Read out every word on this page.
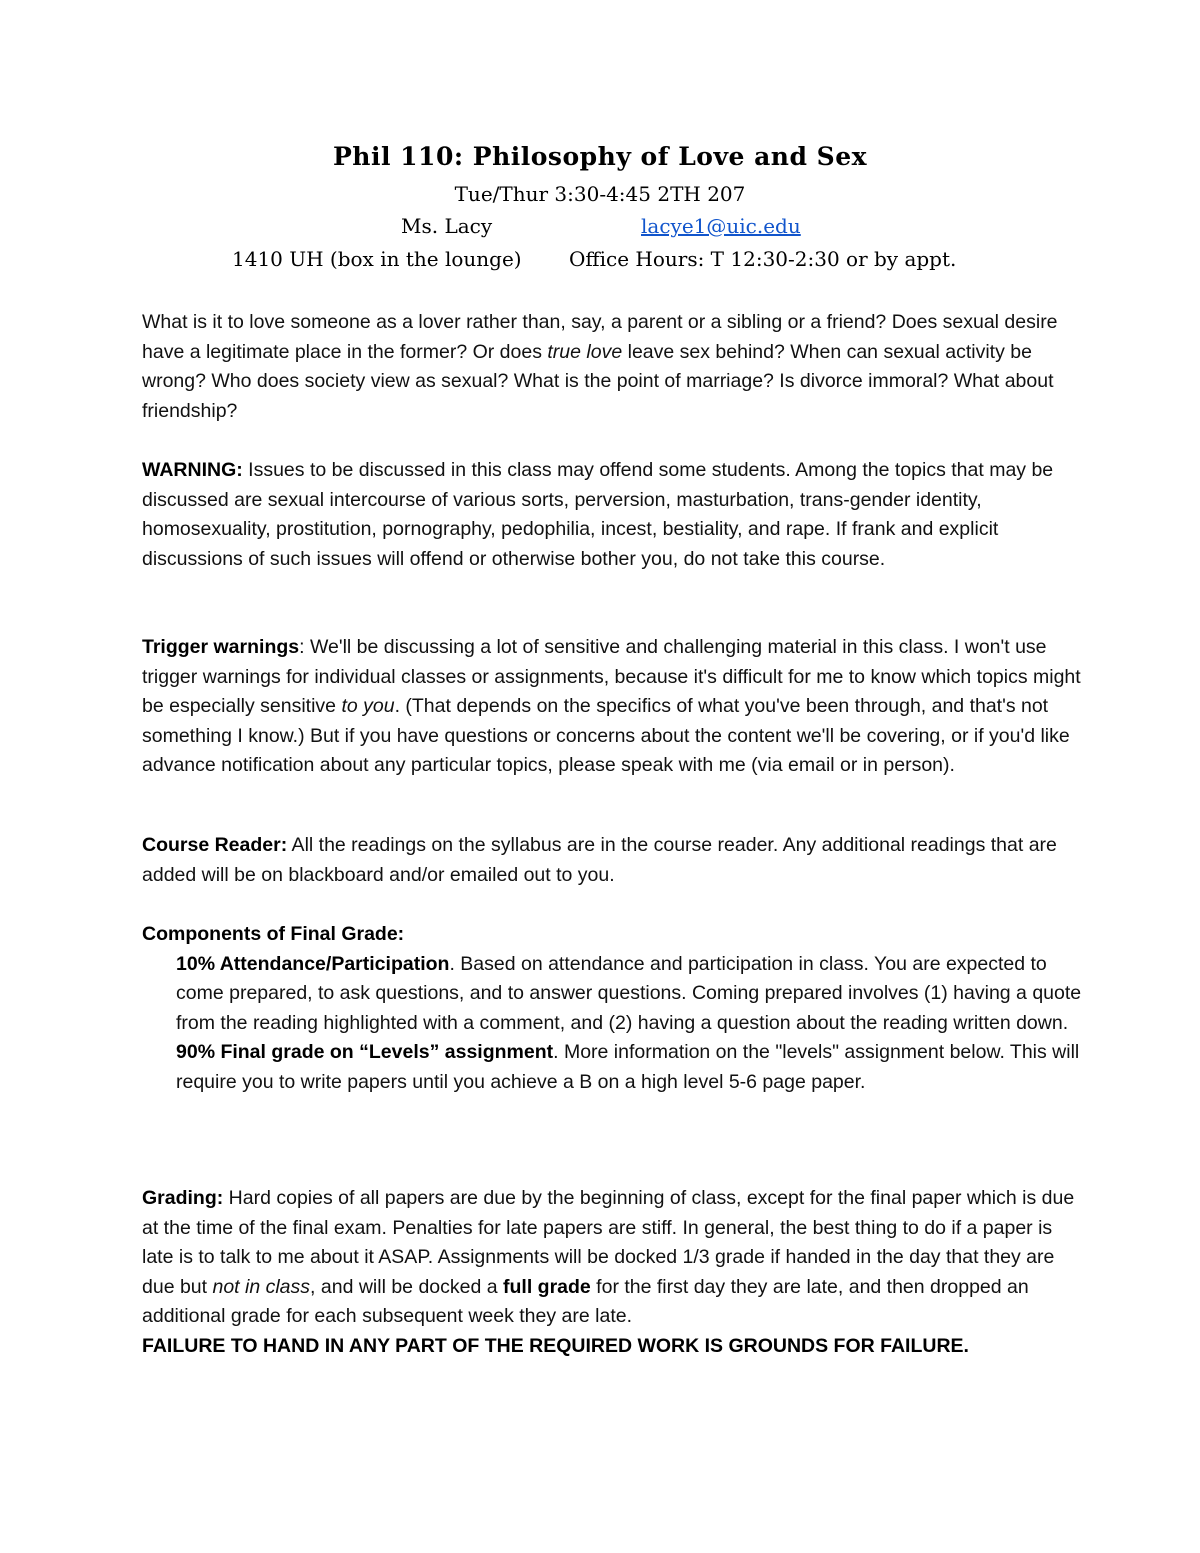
Phil 110: Philosophy of Love and Sex
Tue/Thur 3:30-4:45 2TH 207
Ms. Lacy	lacye1@uic.edu
1410 UH (box in the lounge) Office Hours: T 12:30-2:30 or by appt.

What is it to love someone as a lover rather than, say, a parent or a sibling or a friend? Does sexual desire have a legitimate place in the former? Or does true love leave sex behind? When can sexual activity be wrong? Who does society view as sexual? What is the point of marriage? Is divorce immoral? What about friendship?

WARNING: Issues to be discussed in this class may offend some students. Among the topics that may be discussed are sexual intercourse of various sorts, perversion, masturbation, trans-gender identity, homosexuality, prostitution, pornography, pedophilia, incest, bestiality, and rape. If frank and explicit discussions of such issues will offend or otherwise bother you, do not take this course.

Trigger warnings: We'll be discussing a lot of sensitive and challenging material in this class. I won't use trigger warnings for individual classes or assignments, because it's difficult for me to know which topics might be especially sensitive to you. (That depends on the specifics of what you've been through, and that's not something I know.) But if you have questions or concerns about the content we'll be covering, or if you'd like advance notification about any particular topics, please speak with me (via email or in person).

Course Reader: All the readings on the syllabus are in the course reader. Any additional readings that are added will be on blackboard and/or emailed out to you.

Components of Final Grade:

10% Attendance/Participation. Based on attendance and participation in class. You are expected to come prepared, to ask questions, and to answer questions. Coming prepared involves (1) having a quote from the reading highlighted with a comment, and (2) having a question about the reading written down.

90% Final grade on “Levels” assignment. More information on the "levels" assignment below. This will require you to write papers until you achieve a B on a high level 5-6 page paper.

Grading: Hard copies of all papers are due by the beginning of class, except for the final paper which is due at the time of the final exam. Penalties for late papers are stiff. In general, the best thing to do if a paper is late is to talk to me about it ASAP. Assignments will be docked 1/3 grade if handed in the day that they are due but not in class, and will be docked a full grade for the first day they are late, and then dropped an additional grade for each subsequent week they are late.

FAILURE TO HAND IN ANY PART OF THE REQUIRED WORK IS GROUNDS FOR FAILURE.
